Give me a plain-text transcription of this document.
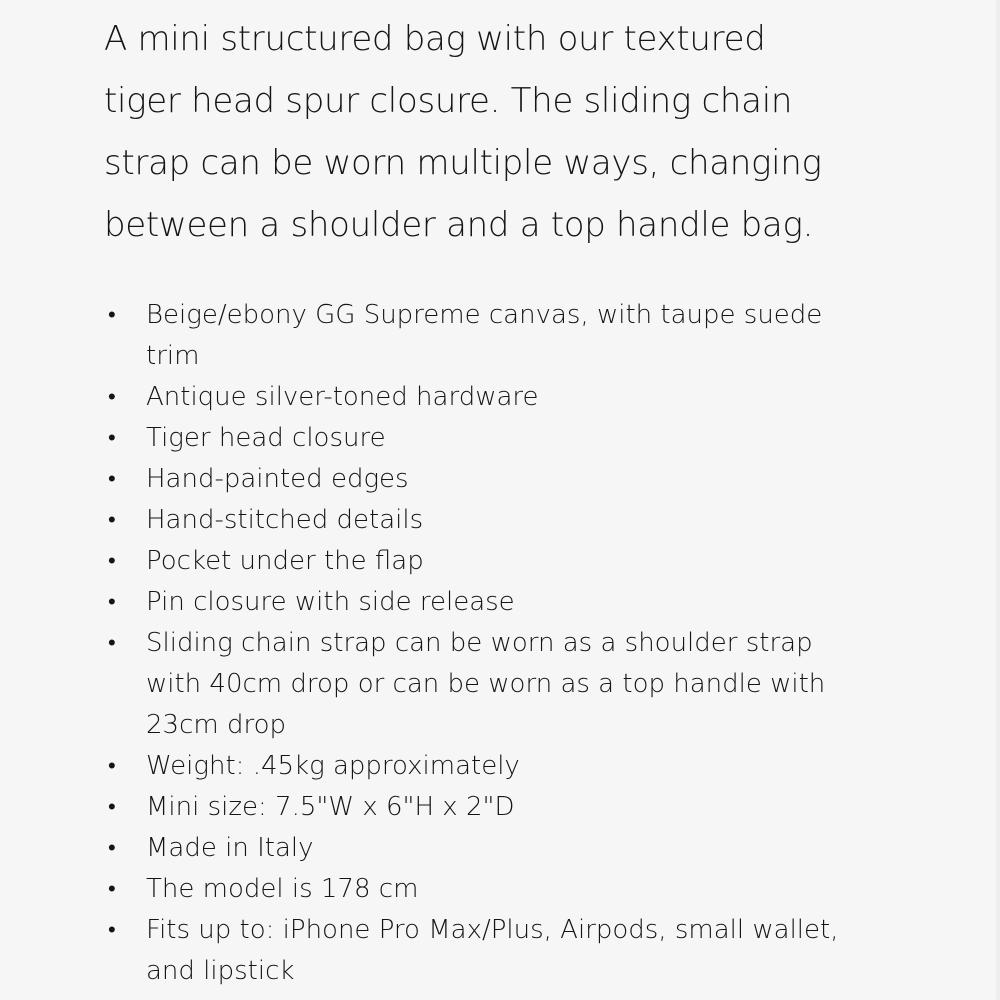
A mini structured bag with our textured
tiger head spur closure. The sliding chain
strap can be worn multiple ways, changing
between a shoulder and a top handle bag.

• Beige/ebony GG Supreme canvas, with taupe suede
trim
• Antique silver-toned hardware
• Tiger head closure
• Hand-painted edges
• Hand-stitched details
• Pocket under the flap
• Pin closure with side release
• Sliding chain strap can be worn as a shoulder strap
with 40cm drop or can be worn as a top handle with
23cm drop
• Weight: .45kg approximately
• Mini size: 7.5"W x 6"H x 2"D
• Made in Italy
• The model is 178 cm
• Fits up to: iPhone Pro Max/Plus, Airpods, small wallet,
and lipstick
